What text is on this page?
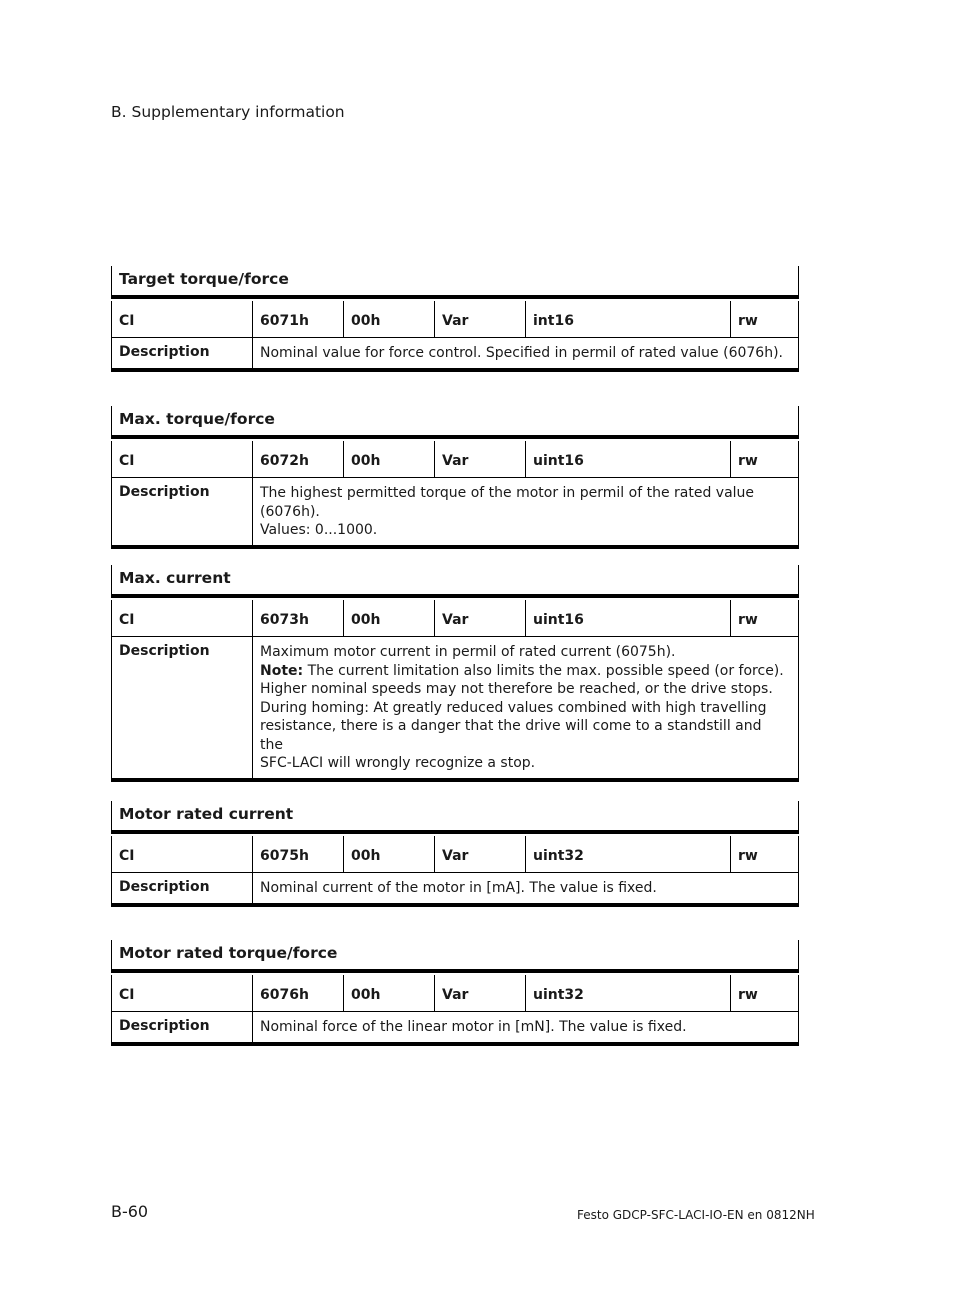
B. Supplementary information
Target torque/force
CI	6071h	00h	Var	int16	rw
Description	Nominal value for force control. Specified in permil of rated value (6076h).
Max. torque/force
CI	6072h	00h	Var	uint16	rw
Description	The highest permitted torque of the motor in permil of the rated value (6076h).
Values: 0...1000.
Max. current
CI	6073h	00h	Var	uint16	rw
Description	Maximum motor current in permil of rated current (6075h).
Note: The current limitation also limits the max. possible speed (or force).
Higher nominal speeds may not therefore be reached, or the drive stops.
During homing: At greatly reduced values combined with high travelling
resistance, there is a danger that the drive will come to a standstill and the
SFC-LACI will wrongly recognize a stop.
Motor rated current
CI	6075h	00h	Var	uint32	rw
Description	Nominal current of the motor in [mA]. The value is fixed.
Motor rated torque/force
CI	6076h	00h	Var	uint32	rw
Description	Nominal force of the linear motor in [mN]. The value is fixed.
B-60	Festo GDCP-SFC-LACI-IO-EN en 0812NH
